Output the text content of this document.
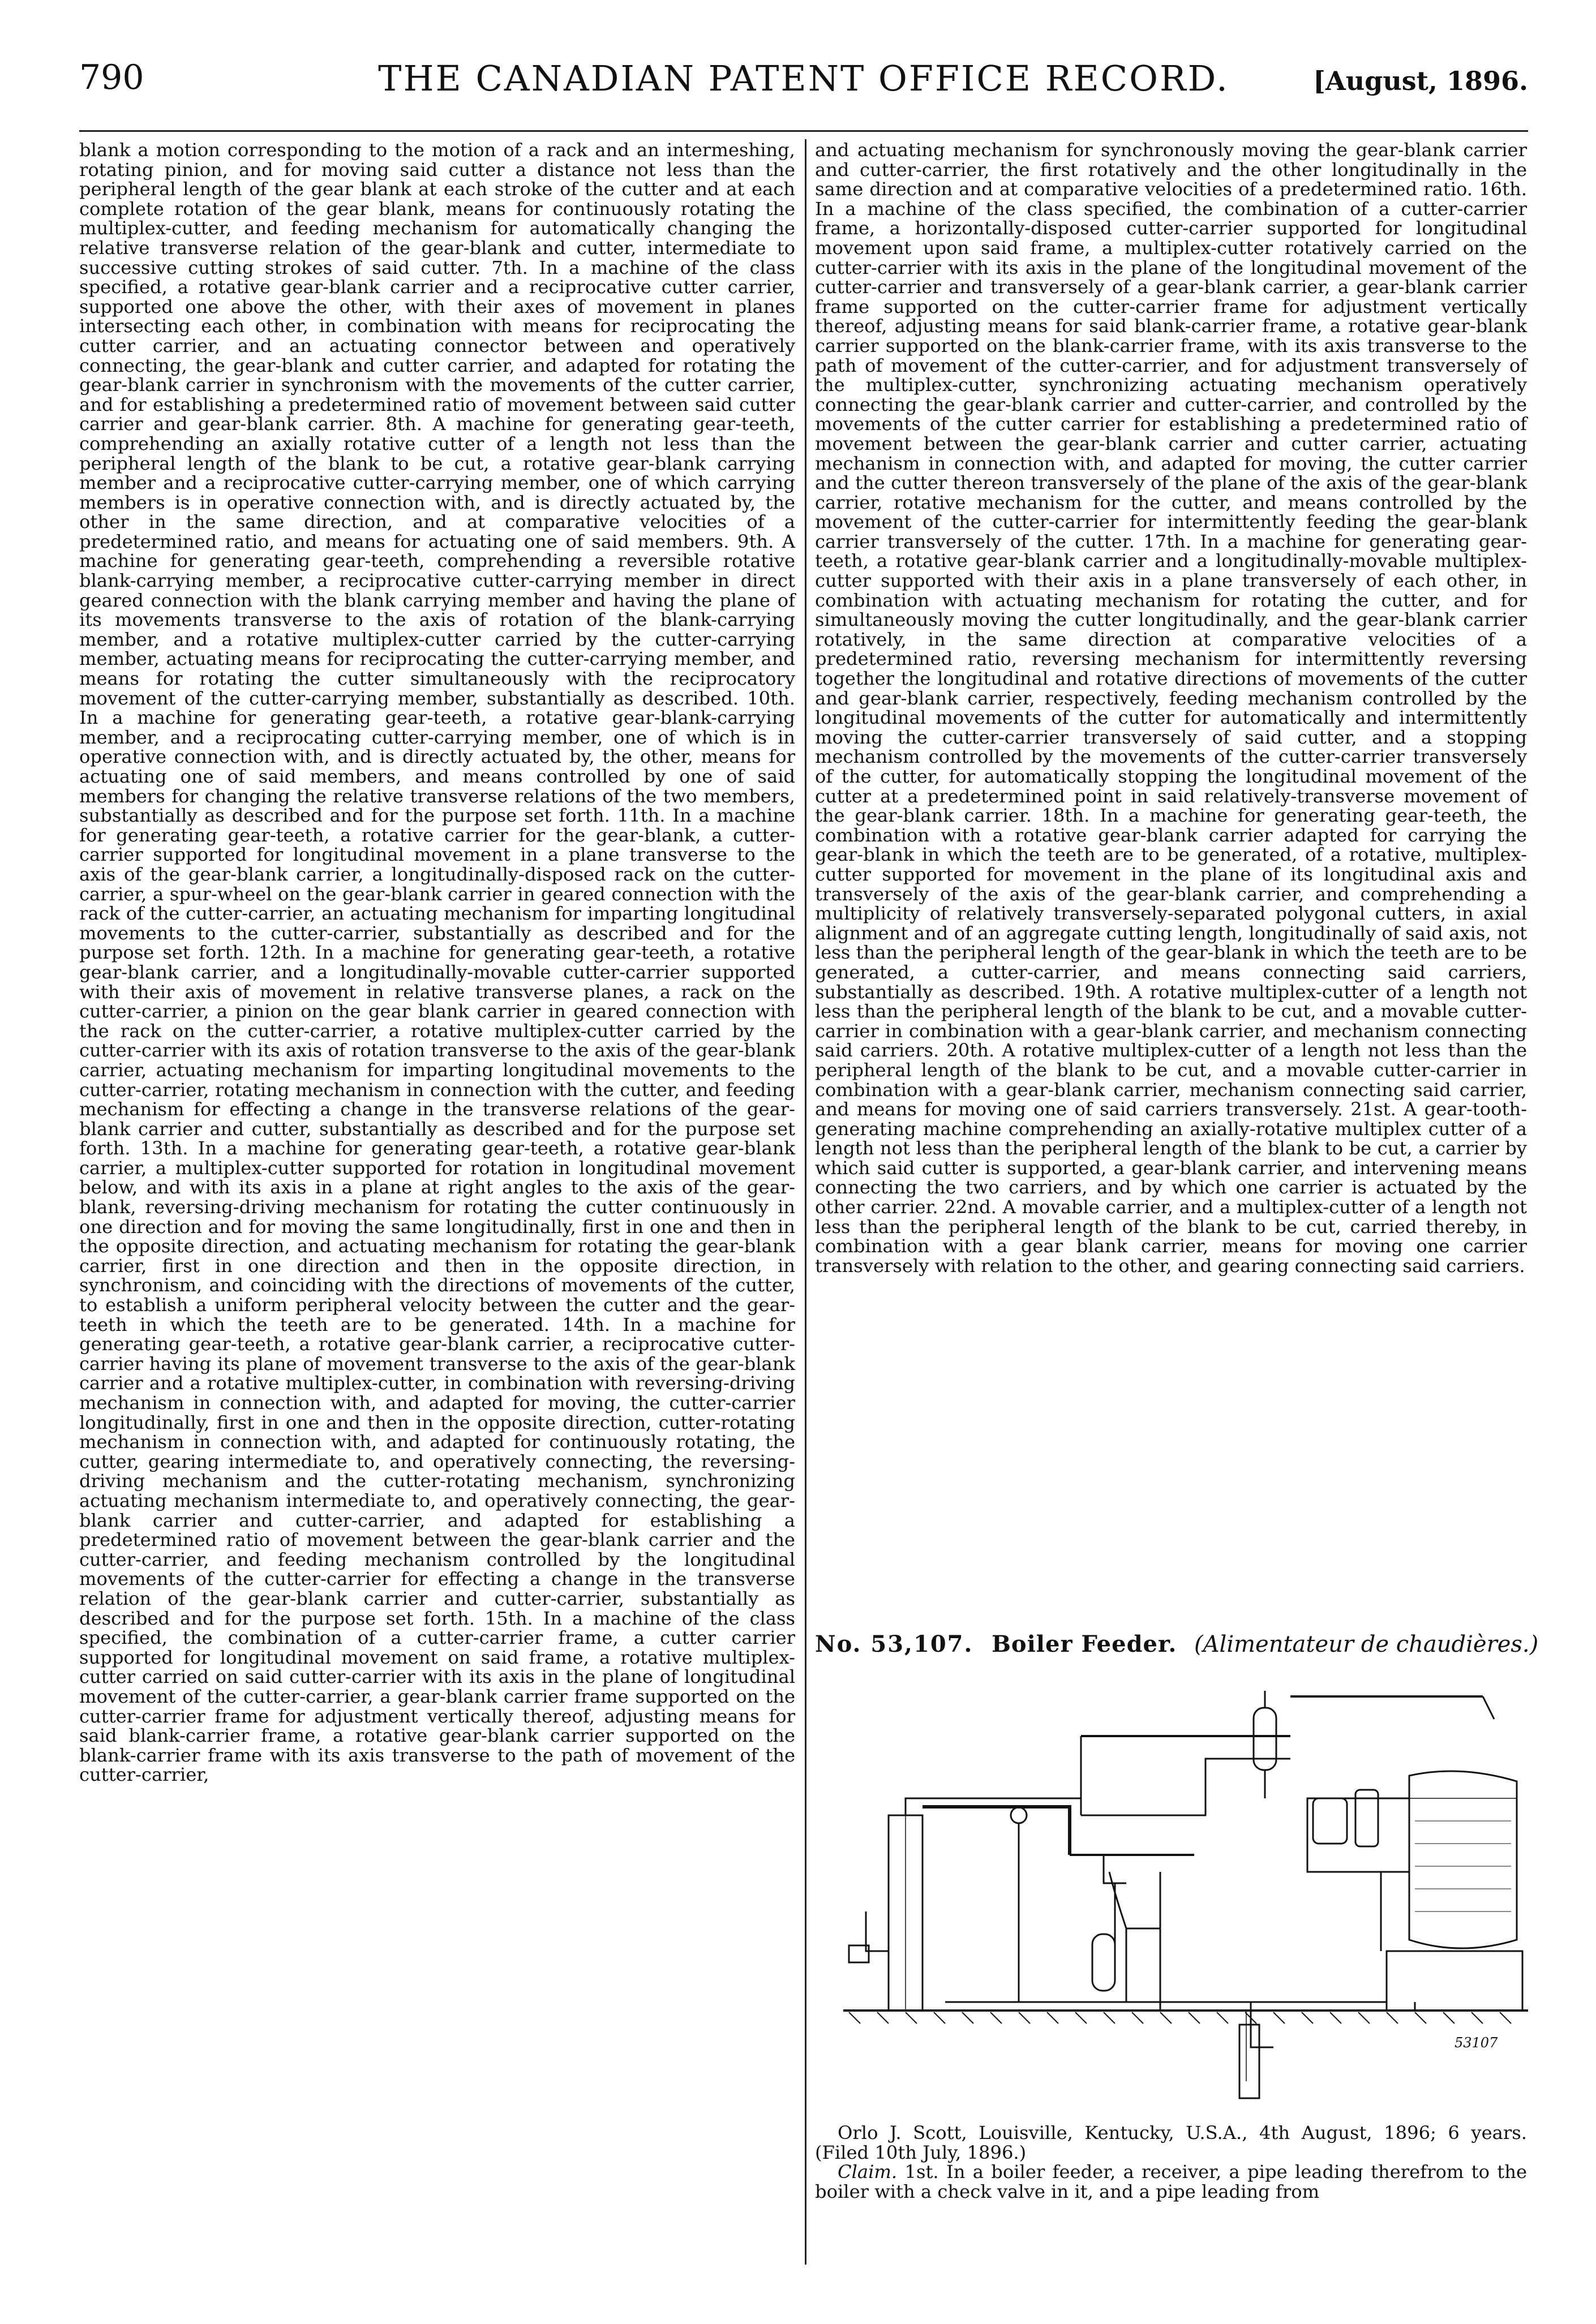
790	THE CANADIAN PATENT OFFICE RECORD.	[August, 1896.

blank a motion corresponding to the motion of a rack and an intermeshing, rotating pinion, and for moving said cutter a distance not less than the peripheral length of the gear blank at each stroke of the cutter and at each complete rotation of the gear blank, means for continuously rotating the multiplex-cutter, and feeding mechanism for automatically changing the relative transverse relation of the gear-blank and cutter, intermediate to successive cutting strokes of said cutter. 7th. In a machine of the class specified, a rotative gear-blank carrier and a reciprocative cutter carrier, supported one above the other, with their axes of movement in planes intersecting each other, in combination with means for reciprocating the cutter carrier, and an actuating connector between and operatively connecting, the gear-blank and cutter carrier, and adapted for rotating the gear-blank carrier in synchronism with the movements of the cutter carrier, and for establishing a predetermined ratio of movement between said cutter carrier and gear-blank carrier. 8th. A machine for generating gear-teeth, comprehending an axially rotative cutter of a length not less than the peripheral length of the blank to be cut, a rotative gear-blank carrying member and a reciprocative cutter-carrying member, one of which carrying members is in operative connection with, and is directly actuated by, the other in the same direction, and at comparative velocities of a predetermined ratio, and means for actuating one of said members. 9th. A machine for generating gear-teeth, comprehending a reversible rotative blank-carrying member, a reciprocative cutter-carrying member in direct geared connection with the blank carrying member and having the plane of its movements transverse to the axis of rotation of the blank-carrying member, and a rotative multiplex-cutter carried by the cutter-carrying member, actuating means for reciprocating the cutter-carrying member, and means for rotating the cutter simultaneously with the reciprocatory movement of the cutter-carrying member, substantially as described. 10th. In a machine for generating gear-teeth, a rotative gear-blank-carrying member, and a reciprocating cutter-carrying member, one of which is in operative connection with, and is directly actuated by, the other, means for actuating one of said members, and means controlled by one of said members for changing the relative transverse relations of the two members, substantially as described and for the purpose set forth. 11th. In a machine for generating gear-teeth, a rotative carrier for the gear-blank, a cutter-carrier supported for longitudinal movement in a plane transverse to the axis of the gear-blank carrier, a longitudinally-disposed rack on the cutter-carrier, a spur-wheel on the gear-blank carrier in geared connection with the rack of the cutter-carrier, an actuating mechanism for imparting longitudinal movements to the cutter-carrier, substantially as described and for the purpose set forth. 12th. In a machine for generating gear-teeth, a rotative gear-blank carrier, and a longitudinally-movable cutter-carrier supported with their axis of movement in relative transverse planes, a rack on the cutter-carrier, a pinion on the gear blank carrier in geared connection with the rack on the cutter-carrier, a rotative multiplex-cutter carried by the cutter-carrier with its axis of rotation transverse to the axis of the gear-blank carrier, actuating mechanism for imparting longitudinal movements to the cutter-carrier, rotating mechanism in connection with the cutter, and feeding mechanism for effecting a change in the transverse relations of the gear-blank carrier and cutter, substantially as described and for the purpose set forth. 13th. In a machine for generating gear-teeth, a rotative gear-blank carrier, a multiplex-cutter supported for rotation in longitudinal movement below, and with its axis in a plane at right angles to the axis of the gear-blank, reversing-driving mechanism for rotating the cutter continuously in one direction and for moving the same longitudinally, first in one and then in the opposite direction, and actuating mechanism for rotating the gear-blank carrier, first in one direction and then in the opposite direction, in synchronism, and coinciding with the directions of movements of the cutter, to establish a uniform peripheral velocity between the cutter and the gear-teeth in which the teeth are to be generated. 14th. In a machine for generating gear-teeth, a rotative gear-blank carrier, a reciprocative cutter-carrier having its plane of movement transverse to the axis of the gear-blank carrier and a rotative multiplex-cutter, in combination with reversing-driving mechanism in connection with, and adapted for moving, the cutter-carrier longitudinally, first in one and then in the opposite direction, cutter-rotating mechanism in connection with, and adapted for continuously rotating, the cutter, gearing intermediate to, and operatively connecting, the reversing-driving mechanism and the cutter-rotating mechanism, synchronizing actuating mechanism intermediate to, and operatively connecting, the gear-blank carrier and cutter-carrier, and adapted for establishing a predetermined ratio of movement between the gear-blank carrier and the cutter-carrier, and feeding mechanism controlled by the longitudinal movements of the cutter-carrier for effecting a change in the transverse relation of the gear-blank carrier and cutter-carrier, substantially as described and for the purpose set forth. 15th. In a machine of the class specified, the combination of a cutter-carrier frame, a cutter carrier supported for longitudinal movement on said frame, a rotative multiplex-cutter carried on said cutter-carrier with its axis in the plane of longitudinal movement of the cutter-carrier, a gear-blank carrier frame supported on the cutter-carrier frame for adjustment vertically thereof, adjusting means for said blank-carrier frame, a rotative gear-blank carrier supported on the blank-carrier frame with its axis transverse to the path of movement of the cutter-carrier,

and actuating mechanism for synchronously moving the gear-blank carrier and cutter-carrier, the first rotatively and the other longitudinally in the same direction and at comparative velocities of a predetermined ratio. 16th. In a machine of the class specified, the combination of a cutter-carrier frame, a horizontally-disposed cutter-carrier supported for longitudinal movement upon said frame, a multiplex-cutter rotatively carried on the cutter-carrier with its axis in the plane of the longitudinal movement of the cutter-carrier and transversely of a gear-blank carrier, a gear-blank carrier frame supported on the cutter-carrier frame for adjustment vertically thereof, adjusting means for said blank-carrier frame, a rotative gear-blank carrier supported on the blank-carrier frame, with its axis transverse to the path of movement of the cutter-carrier, and for adjustment transversely of the multiplex-cutter, synchronizing actuating mechanism operatively connecting the gear-blank carrier and cutter-carrier, and controlled by the movements of the cutter carrier for establishing a predetermined ratio of movement between the gear-blank carrier and cutter carrier, actuating mechanism in connection with, and adapted for moving, the cutter carrier and the cutter thereon transversely of the plane of the axis of the gear-blank carrier, rotative mechanism for the cutter, and means controlled by the movement of the cutter-carrier for intermittently feeding the gear-blank carrier transversely of the cutter. 17th. In a machine for generating gear-teeth, a rotative gear-blank carrier and a longitudinally-movable multiplex-cutter supported with their axis in a plane transversely of each other, in combination with actuating mechanism for rotating the cutter, and for simultaneously moving the cutter longitudinally, and the gear-blank carrier rotatively, in the same direction at comparative velocities of a predetermined ratio, reversing mechanism for intermittently reversing together the longitudinal and rotative directions of movements of the cutter and gear-blank carrier, respectively, feeding mechanism controlled by the longitudinal movements of the cutter for automatically and intermittently moving the cutter-carrier transversely of said cutter, and a stopping mechanism controlled by the movements of the cutter-carrier transversely of the cutter, for automatically stopping the longitudinal movement of the cutter at a predetermined point in said relatively-transverse movement of the gear-blank carrier. 18th. In a machine for generating gear-teeth, the combination with a rotative gear-blank carrier adapted for carrying the gear-blank in which the teeth are to be generated, of a rotative, multiplex-cutter supported for movement in the plane of its longitudinal axis and transversely of the axis of the gear-blank carrier, and comprehending a multiplicity of relatively transversely-separated polygonal cutters, in axial alignment and of an aggregate cutting length, longitudinally of said axis, not less than the peripheral length of the gear-blank in which the teeth are to be generated, a cutter-carrier, and means connecting said carriers, substantially as described. 19th. A rotative multiplex-cutter of a length not less than the peripheral length of the blank to be cut, and a movable cutter-carrier in combination with a gear-blank carrier, and mechanism connecting said carriers. 20th. A rotative multiplex-cutter of a length not less than the peripheral length of the blank to be cut, and a movable cutter-carrier in combination with a gear-blank carrier, mechanism connecting said carrier, and means for moving one of said carriers transversely. 21st. A gear-tooth-generating machine comprehending an axially-rotative multiplex cutter of a length not less than the peripheral length of the blank to be cut, a carrier by which said cutter is supported, a gear-blank carrier, and intervening means connecting the two carriers, and by which one carrier is actuated by the other carrier. 22nd. A movable carrier, and a multiplex-cutter of a length not less than the peripheral length of the blank to be cut, carried thereby, in combination with a gear blank carrier, means for moving one carrier transversely with relation to the other, and gearing connecting said carriers.

No. 53,107. Boiler Feeder. (Alimentateur de chaudières.)
53107

Orlo J. Scott, Louisville, Kentucky, U.S.A., 4th August, 1896; 6 years. (Filed 10th July, 1896.)

Claim. 1st. In a boiler feeder, a receiver, a pipe leading therefrom to the boiler with a check valve in it, and a pipe leading from
